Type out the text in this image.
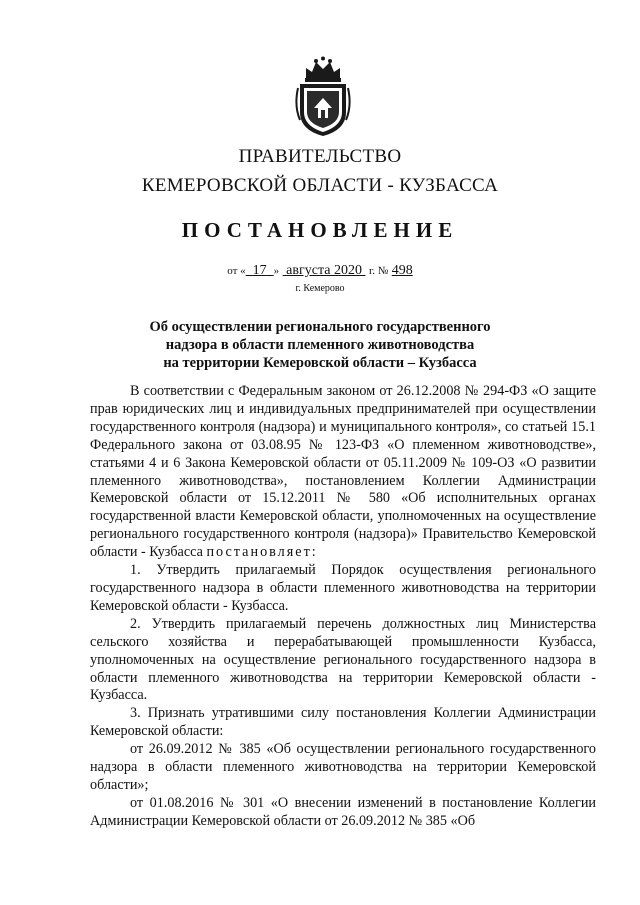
ПРАВИТЕЛЬСТВО
КЕМЕРОВСКОЙ ОБЛАСТИ - КУЗБАССА
ПОСТАНОВЛЕНИЕ
от « 17 » августа 2020 г. № 498
г. Кемерово
Об осуществлении регионального государственного
надзора в области племенного животноводства
на территории Кемеровской области – Кузбасса

В соответствии с Федеральным законом от 26.12.2008 № 294-ФЗ «О защите прав юридических лиц и индивидуальных предпринимателей при осуществлении государственного контроля (надзора) и муниципального контроля», со статьей 15.1 Федерального закона от 03.08.95 № 123-ФЗ «О племенном животноводстве», статьями 4 и 6 Закона Кемеровской области от 05.11.2009 № 109-ОЗ «О развитии племенного животноводства», постановлением Коллегии Администрации Кемеровской области от 15.12.2011 № 580 «Об исполнительных органах государственной власти Кемеровской области, уполномоченных на осуществление регионального государственного контроля (надзора)» Правительство Кемеровской области - Кузбасса постановляет:

1. Утвердить прилагаемый Порядок осуществления регионального государственного надзора в области племенного животноводства на территории Кемеровской области - Кузбасса.

2. Утвердить прилагаемый перечень должностных лиц Министерства сельского хозяйства и перерабатывающей промышленности Кузбасса, уполномоченных на осуществление регионального государственного надзора в области племенного животноводства на территории Кемеровской области - Кузбасса.

3. Признать утратившими силу постановления Коллегии Администрации Кемеровской области:

от 26.09.2012 № 385 «Об осуществлении регионального государственного надзора в области племенного животноводства на территории Кемеровской области»;

от 01.08.2016 № 301 «О внесении изменений в постановление Коллегии Администрации Кемеровской области от 26.09.2012 № 385 «Об
